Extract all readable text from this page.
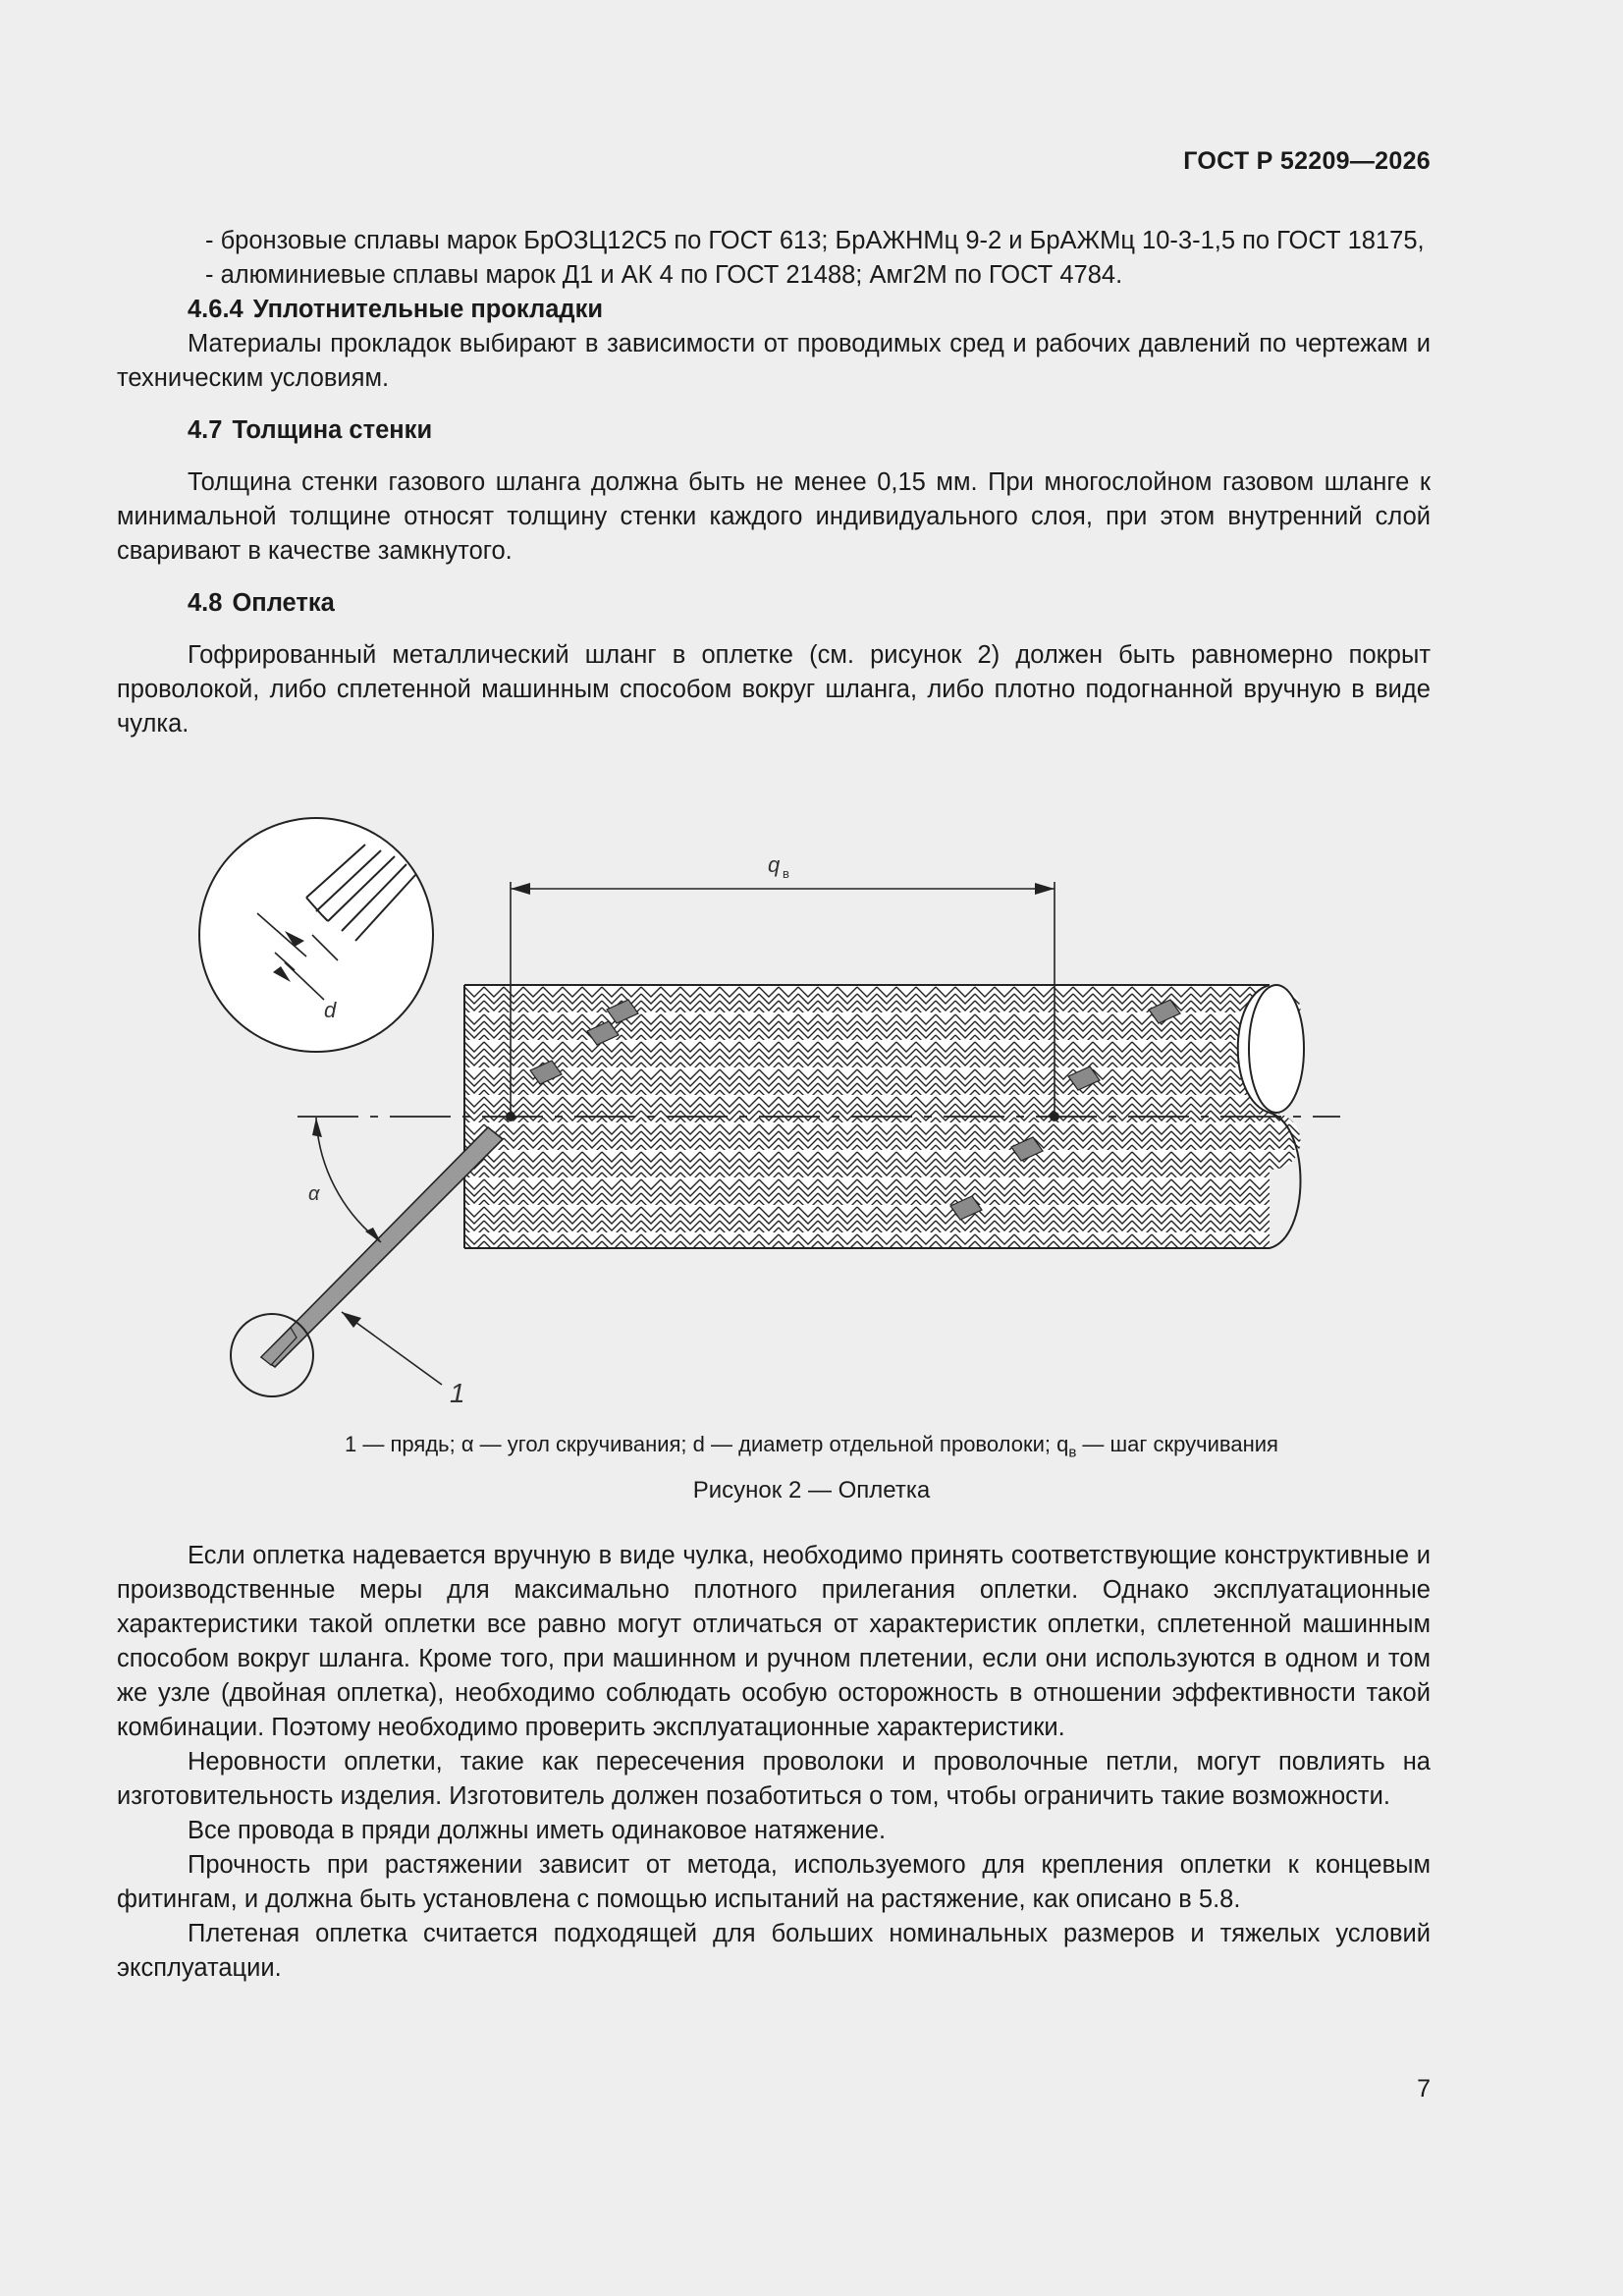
ГОСТ Р 52209—2026

- бронзовые сплавы марок БрОЗЦ12С5 по ГОСТ 613; БрАЖНМц 9-2 и БрАЖМц 10-3-1,5 по ГОСТ 18175,

- алюминиевые сплавы марок Д1 и АК 4 по ГОСТ 21488; Амг2М по ГОСТ 4784.

4.6.4 Уплотнительные прокладки

Материалы прокладок выбирают в зависимости от проводимых сред и рабочих давлений по чертежам и техническим условиям.

4.7 Толщина стенки

Толщина стенки газового шланга должна быть не менее 0,15 мм. При многослойном газовом шланге к минимальной толщине относят толщину стенки каждого индивидуального слоя, при этом внутренний слой сваривают в качестве замкнутого.

4.8 Оплетка

Гофрированный металлический шланг в оплетке (см. рисунок 2) должен быть равномерно покрыт проволокой, либо сплетенной машинным способом вокруг шланга, либо плотно подогнанной вручную в виде чулка.

d
q в
1
α
1 — прядь; α — угол скручивания; d — диаметр отдельной проволоки; $q_в$ — шаг скручивания
Рисунок 2 — Оплетка

Если оплетка надевается вручную в виде чулка, необходимо принять соответствующие конструктивные и производственные меры для максимально плотного прилегания оплетки. Однако эксплуатационные характеристики такой оплетки все равно могут отличаться от характеристик оплетки, сплетенной машинным способом вокруг шланга. Кроме того, при машинном и ручном плетении, если они используются в одном и том же узле (двойная оплетка), необходимо соблюдать особую осторожность в отношении эффективности такой комбинации. Поэтому необходимо проверить эксплуатационные характеристики.

Неровности оплетки, такие как пересечения проволоки и проволочные петли, могут повлиять на изготовительность изделия. Изготовитель должен позаботиться о том, чтобы ограничить такие возможности.

Все провода в пряди должны иметь одинаковое натяжение.

Прочность при растяжении зависит от метода, используемого для крепления оплетки к концевым фитингам, и должна быть установлена с помощью испытаний на растяжение, как описано в 5.8.

Плетеная оплетка считается подходящей для больших номинальных размеров и тяжелых условий эксплуатации.

7
